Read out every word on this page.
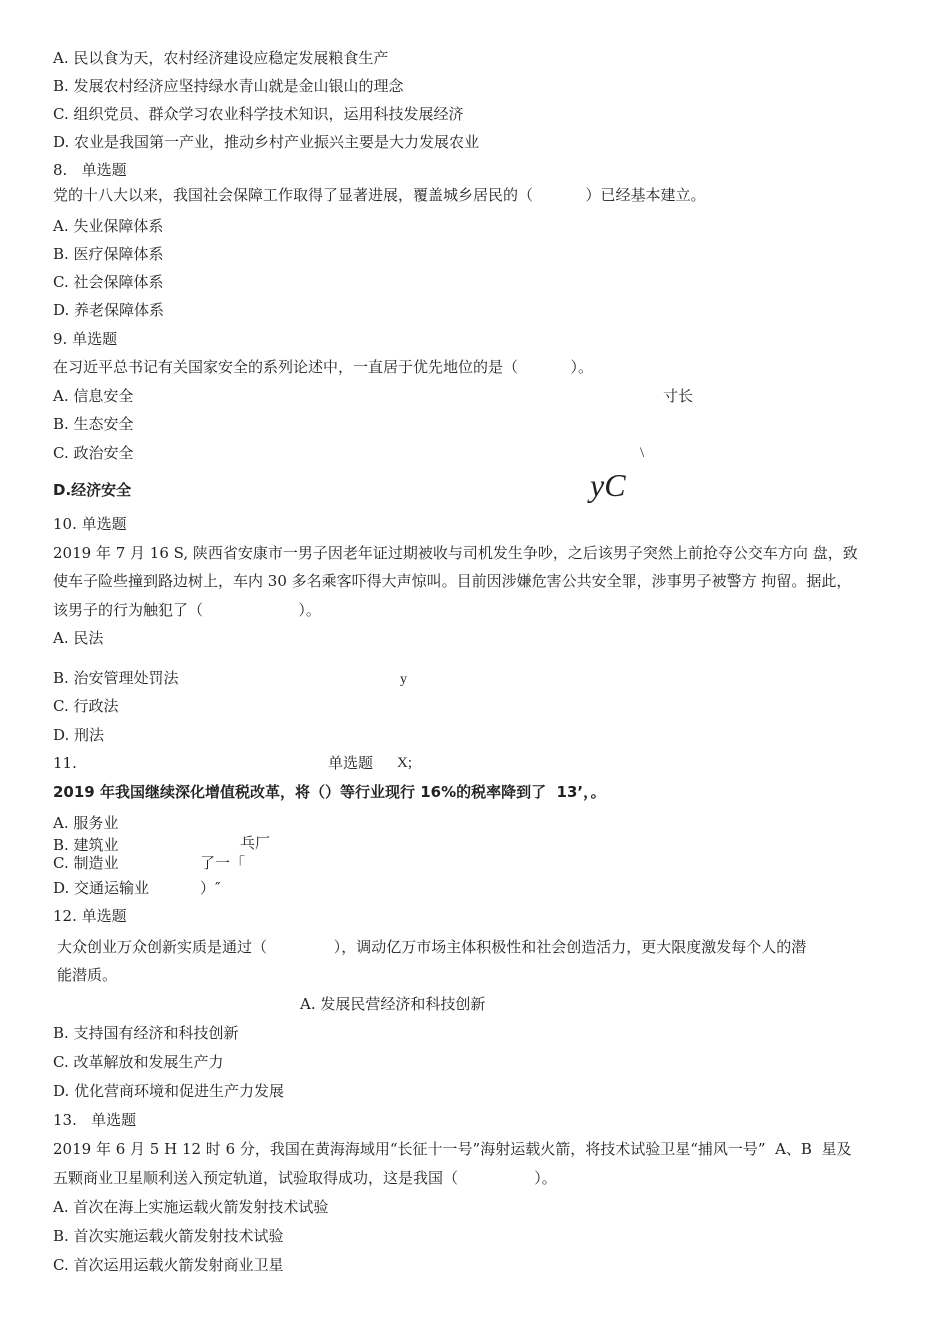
A. 民以食为天，农村经济建设应稳定发展粮食生产
B. 发展农村经济应坚持绿水青山就是金山银山的理念
C. 组织党员、群众学习农业科学技术知识，运用科技发展经济
D. 农业是我国第一产业，推动乡村产业振兴主要是大力发展农业
8.   单选题
党的十八大以来，我国社会保障工作取得了显著进展，覆盖城乡居民的（           ）已经基本建立。
A. 失业保障体系
B. 医疗保障体系
C. 社会保障体系
D. 养老保障体系
9. 单选题
在习近平总书记有关国家安全的系列论述中，一直居于优先地位的是（           ）。
A. 信息安全	寸长
B. 生态安全
C. 政治安全	\
D.经济安全	yC
10. 单选题
2019 年 7 月 16 S, 陕西省安康市一男子因老年证过期被收与司机发生争吵，之后该男子突然上前抢夺公交车方向 盘，致
使车子险些撞到路边树上，车内 30 多名乘客吓得大声惊叫。目前因涉嫌危害公共安全罪，涉事男子被警方 拘留。据此，
该男子的行为触犯了（                    ）。
A. 民法
B. 治安管理处罚法	y
C. 行政法
D. 刑法
11.	单选题 X;
2019 年我国继续深化增值税改革，将（）等行业现行 16%的税率降到了  13’，。
A. 服务业
B. 建筑业	乓厂
C. 制造业	了一「
D. 交通运输业	）″
12. 单选题
大众创业万众创新实质是通过（              ），调动亿万市场主体积极性和社会创造活力，更大限度激发每个人的潜
能潜质。
A. 发展民营经济和科技创新
B. 支持国有经济和科技创新
C. 改革解放和发展生产力
D. 优化营商环境和促进生产力发展
13.   单选题
2019 年 6 月 5 H 12 时 6 分，我国在黄海海域用“长征十一号”海射运载火箭，将技术试验卫星“捕风一号”  A、B  星及
五颗商业卫星顺利送入预定轨道，试验取得成功，这是我国（                ）。
A. 首次在海上实施运载火箭发射技术试验
B. 首次实施运载火箭发射技术试验
C. 首次运用运载火箭发射商业卫星
